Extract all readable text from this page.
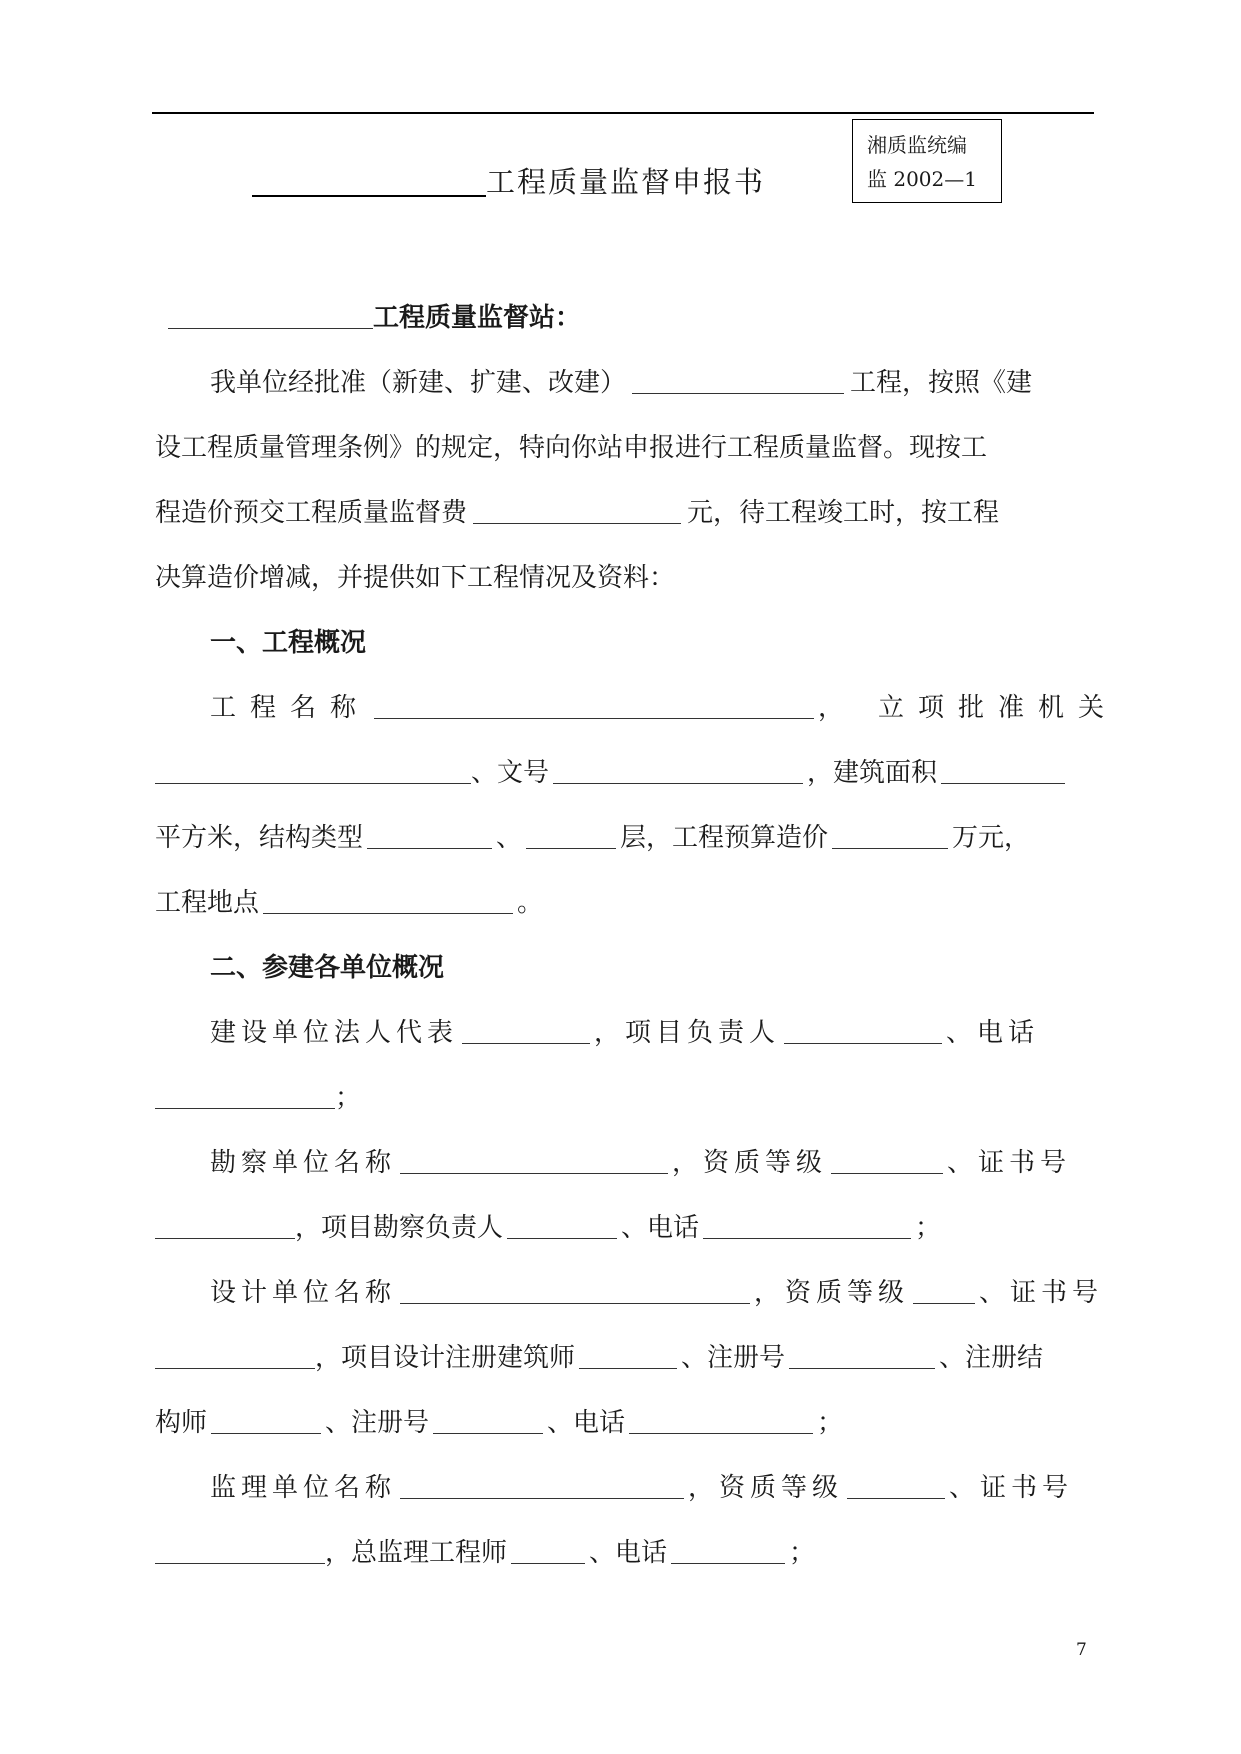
工程质量监督申报书
湘质监统编
监 2002—1
工程质量监督站：
我单位经批准（新建、扩建、改建）	工程，按照《建
设工程质量管理条例》的规定，特向你站申报进行工程质量监督。现按工
程造价预交工程质量监督费	元，待工程竣工时，按工程
决算造价增减，并提供如下工程情况及资料：
一、工程概况
工程名称	， 立项批准机关
、文号	，建筑面积
平方米，结构类型	、	层，工程预算造价	万元，
工程地点	。
二、参建各单位概况
建设单位法人代表	，项目负责人	、电话
；
勘察单位名称	，资质等级	、证书号
，项目勘察负责人	、电话	；
设计单位名称	，资质等级	、证书号
，项目设计注册建筑师	、注册号	、注册结
构师	、注册号	、电话	；
监理单位名称	，资质等级	、证书号
，总监理工程师	、电话	；
7
